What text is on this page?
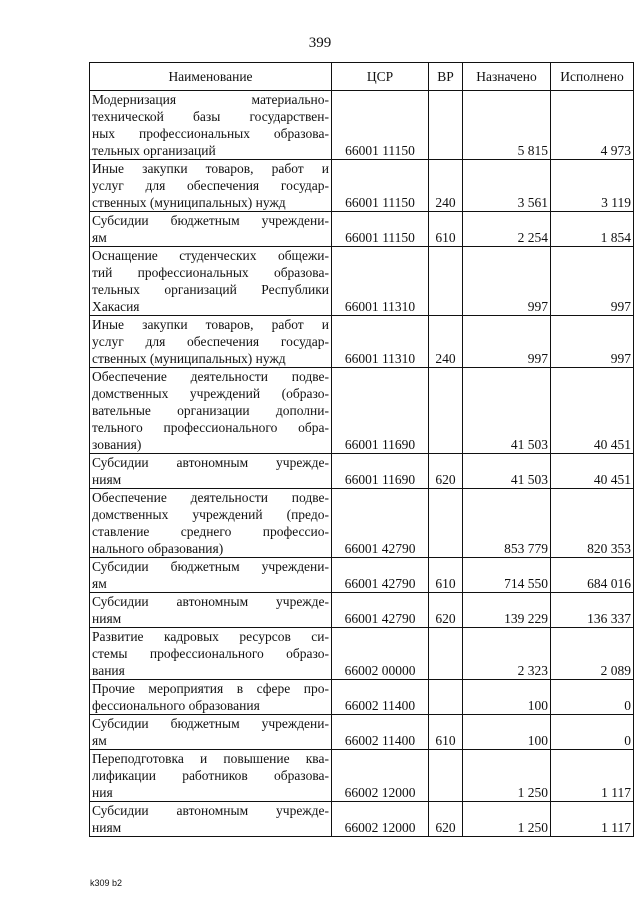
399
Наименование	ЦСР	ВР	Назначено	Исполнено

Модернизация материально-
технической базы государствен-
ных профессиональных образова-
тельных организаций	66001 11150		5 815	4 973

Иные закупки товаров, работ и
услуг для обеспечения государ-
ственных (муниципальных) нужд	66001 11150	240	3 561	3 119

Субсидии бюджетным учреждени-
ям	66001 11150	610	2 254	1 854

Оснащение студенческих общежи-
тий профессиональных образова-
тельных организаций Республики
Хакасия	66001 11310		997	997

Иные закупки товаров, работ и
услуг для обеспечения государ-
ственных (муниципальных) нужд	66001 11310	240	997	997

Обеспечение деятельности подве-
домственных учреждений (образо-
вательные организации дополни-
тельного профессионального обра-
зования)	66001 11690		41 503	40 451

Субсидии автономным учрежде-
ниям	66001 11690	620	41 503	40 451

Обеспечение деятельности подве-
домственных учреждений (предо-
ставление среднего профессио-
нального образования)	66001 42790		853 779	820 353

Субсидии бюджетным учреждени-
ям	66001 42790	610	714 550	684 016

Субсидии автономным учрежде-
ниям	66001 42790	620	139 229	136 337

Развитие кадровых ресурсов си-
стемы профессионального образо-
вания	66002 00000		2 323	2 089

Прочие мероприятия в сфере про-
фессионального образования	66002 11400		100	0

Субсидии бюджетным учреждени-
ям	66002 11400	610	100	0

Переподготовка и повышение ква-
лификации работников образова-
ния	66002 12000		1 250	1 117

Субсидии автономным учрежде-
ниям	66002 12000	620	1 250	1 117
k309 b2
